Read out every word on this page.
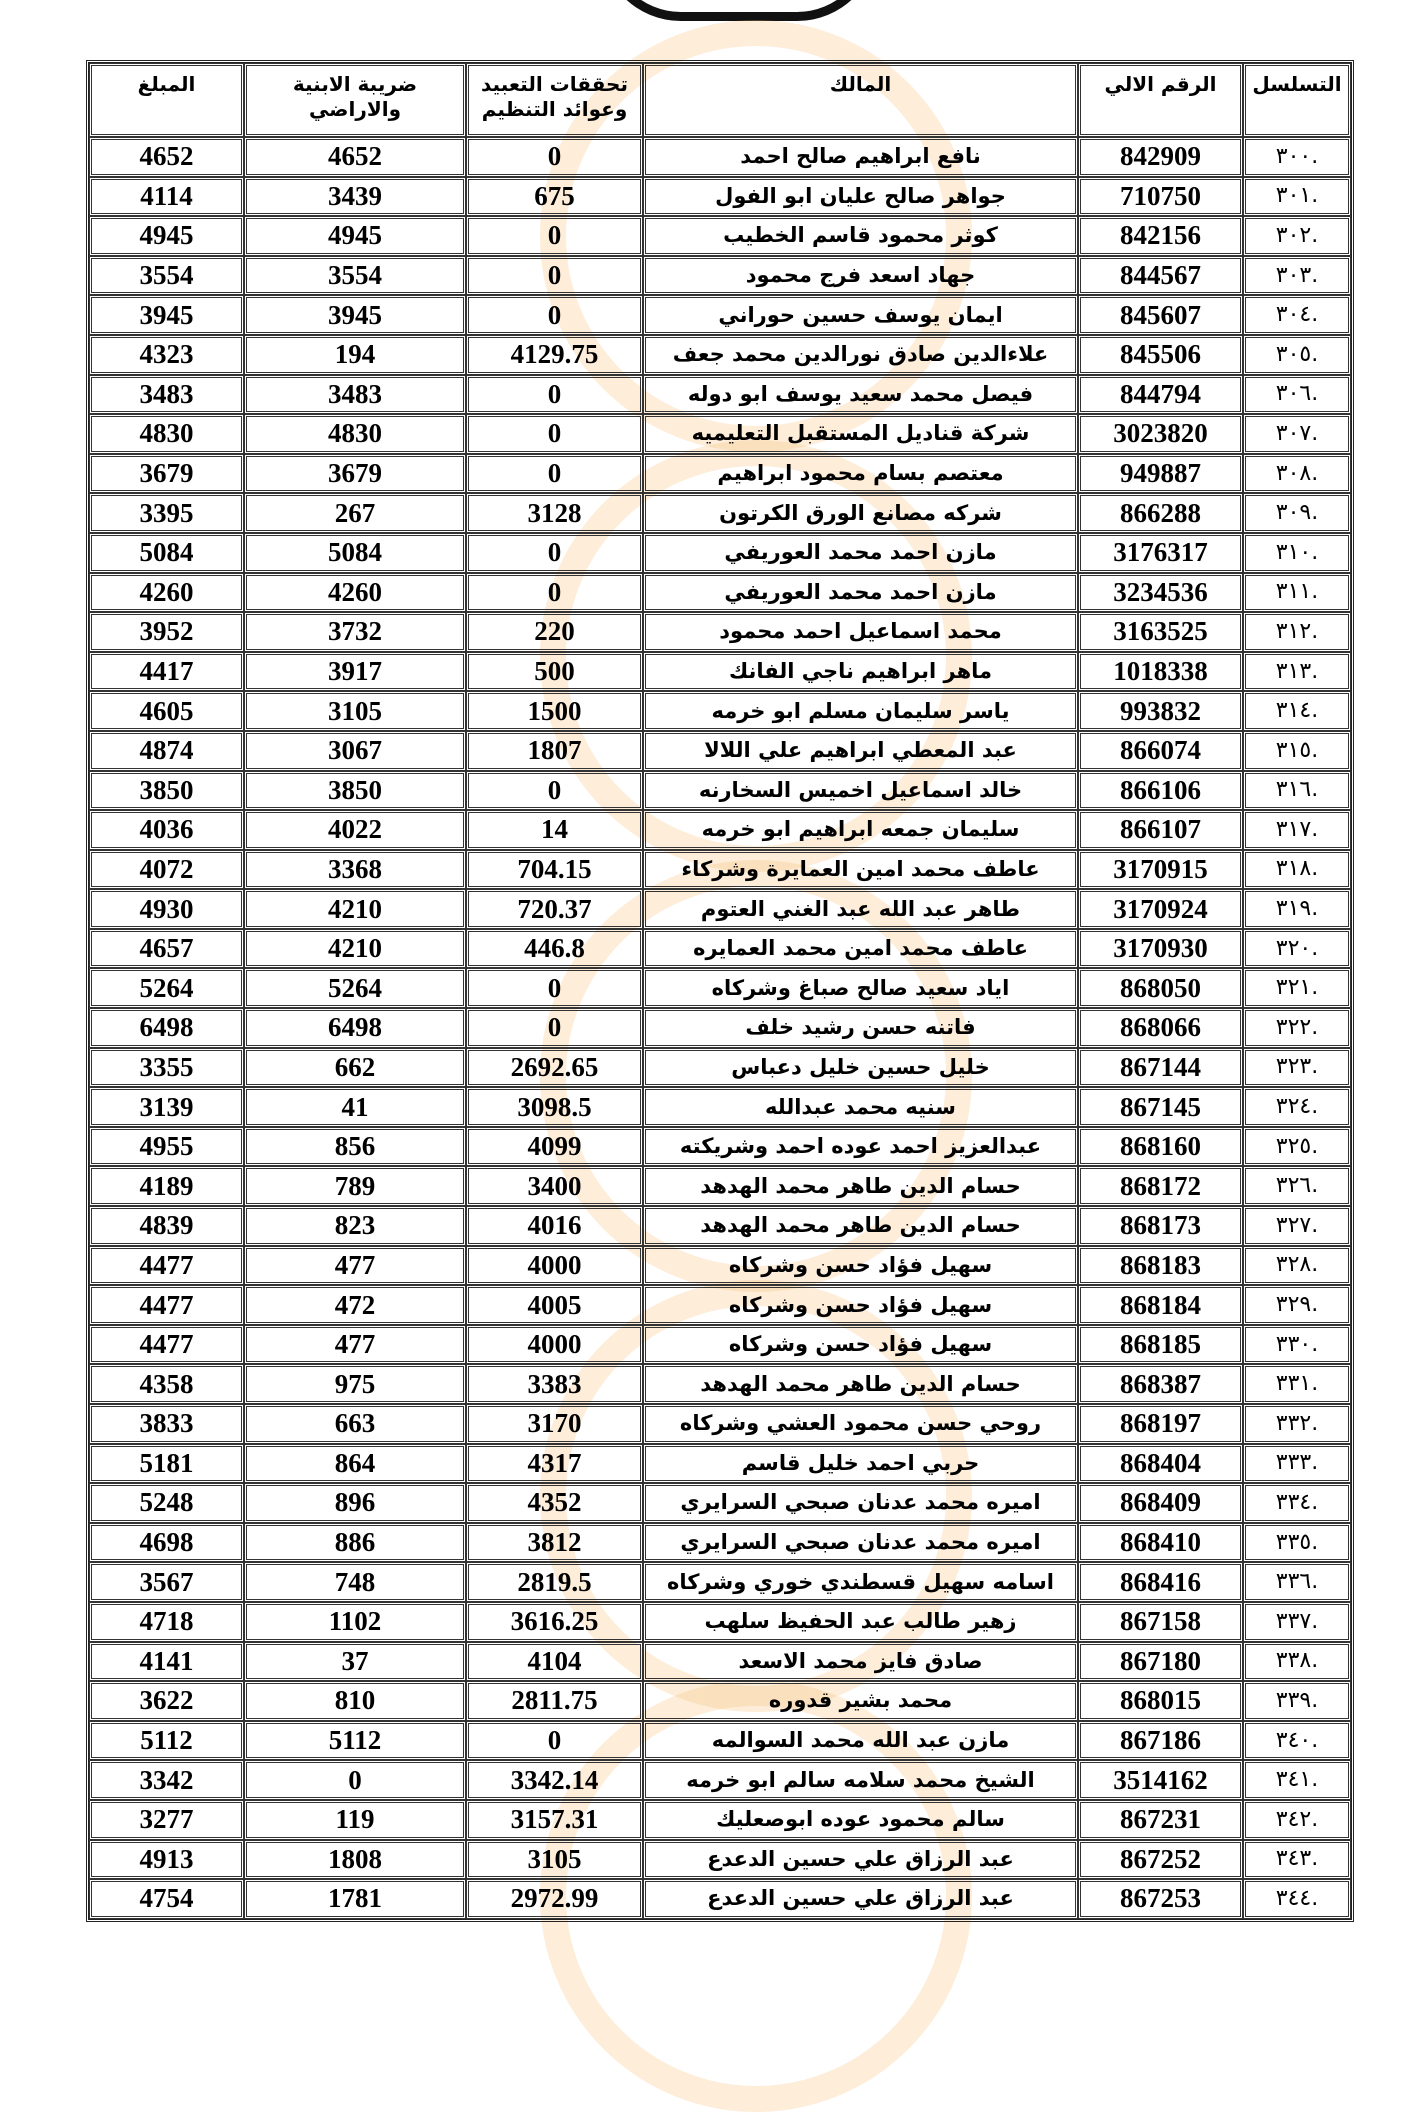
التسلسل	الرقم الالي	المالك	تحققات التعبيد وعوائد التنظيم	ضريبة الابنية والاراضي	المبلغ
.٣٠٠	842909	نافع ابراهيم صالح احمد	0	4652	4652
.٣٠١	710750	جواهر صالح عليان ابو الفول	675	3439	4114
.٣٠٢	842156	كوثر محمود قاسم الخطيب	0	4945	4945
.٣٠٣	844567	جهاد اسعد فرج محمود	0	3554	3554
.٣٠٤	845607	ايمان يوسف حسين حوراني	0	3945	3945
.٣٠٥	845506	علاءالدين صادق نورالدين محمد جعف	4129.75	194	4323
.٣٠٦	844794	فيصل محمد سعيد يوسف ابو دوله	0	3483	3483
.٣٠٧	3023820	شركة قناديل المستقبل التعليميه	0	4830	4830
.٣٠٨	949887	معتصم بسام محمود ابراهيم	0	3679	3679
.٣٠٩	866288	شركه مصانع الورق الكرتون	3128	267	3395
.٣١٠	3176317	مازن احمد محمد العوريفي	0	5084	5084
.٣١١	3234536	مازن احمد محمد العوريفي	0	4260	4260
.٣١٢	3163525	محمد اسماعيل احمد محمود	220	3732	3952
.٣١٣	1018338	ماهر ابراهيم ناجي الفانك	500	3917	4417
.٣١٤	993832	ياسر سليمان مسلم ابو خرمه	1500	3105	4605
.٣١٥	866074	عبد المعطي ابراهيم علي اللالا	1807	3067	4874
.٣١٦	866106	خالد اسماعيل اخميس السخارنه	0	3850	3850
.٣١٧	866107	سليمان جمعه ابراهيم ابو خرمه	14	4022	4036
.٣١٨	3170915	عاطف محمد امين العمايرة وشركاء	704.15	3368	4072
.٣١٩	3170924	طاهر عبد الله عبد الغني العتوم	720.37	4210	4930
.٣٢٠	3170930	عاطف محمد امين محمد العمايره	446.8	4210	4657
.٣٢١	868050	اياد سعيد صالح صباغ وشركاه	0	5264	5264
.٣٢٢	868066	فاتنه حسن رشيد خلف	0	6498	6498
.٣٢٣	867144	خليل حسين خليل دعباس	2692.65	662	3355
.٣٢٤	867145	سنيه محمد عبدالله	3098.5	41	3139
.٣٢٥	868160	عبدالعزيز احمد عوده احمد وشريكته	4099	856	4955
.٣٢٦	868172	حسام الدين طاهر محمد الهدهد	3400	789	4189
.٣٢٧	868173	حسام الدين طاهر محمد الهدهد	4016	823	4839
.٣٢٨	868183	سهيل فؤاد حسن وشركاه	4000	477	4477
.٣٢٩	868184	سهيل فؤاد حسن وشركاه	4005	472	4477
.٣٣٠	868185	سهيل فؤاد حسن وشركاه	4000	477	4477
.٣٣١	868387	حسام الدين طاهر محمد الهدهد	3383	975	4358
.٣٣٢	868197	روحي حسن محمود العشي وشركاه	3170	663	3833
.٣٣٣	868404	حربي احمد خليل قاسم	4317	864	5181
.٣٣٤	868409	اميره محمد عدنان صبحي السرايري	4352	896	5248
.٣٣٥	868410	اميره محمد عدنان صبحي السرايري	3812	886	4698
.٣٣٦	868416	اسامه سهيل قسطندي خوري وشركاه	2819.5	748	3567
.٣٣٧	867158	زهير طالب عبد الحفيظ سلهب	3616.25	1102	4718
.٣٣٨	867180	صادق فايز محمد الاسعد	4104	37	4141
.٣٣٩	868015	محمد بشير قدوره	2811.75	810	3622
.٣٤٠	867186	مازن عبد الله محمد السوالمه	0	5112	5112
.٣٤١	3514162	الشيخ محمد سلامه سالم ابو خرمه	3342.14	0	3342
.٣٤٢	867231	سالم محمود عوده ابوصعليك	3157.31	119	3277
.٣٤٣	867252	عبد الرزاق علي حسين الدعدع	3105	1808	4913
.٣٤٤	867253	عبد الرزاق علي حسين الدعدع	2972.99	1781	4754
